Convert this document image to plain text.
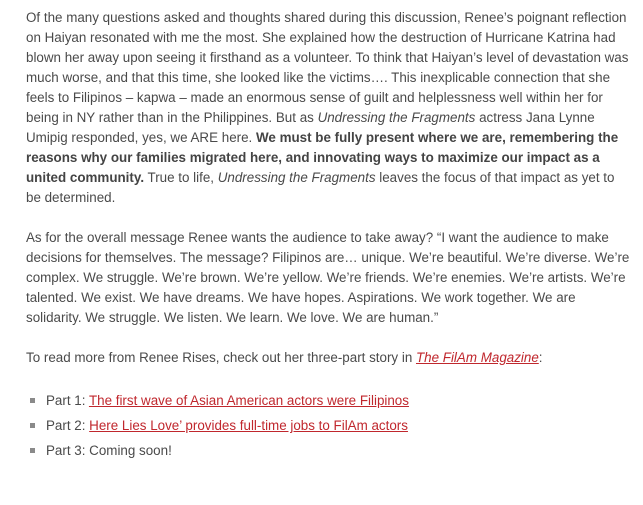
Of the many questions asked and thoughts shared during this discussion, Renee’s poignant reflection on Haiyan resonated with me the most. She explained how the destruction of Hurricane Katrina had blown her away upon seeing it firsthand as a volunteer. To think that Haiyan’s level of devastation was much worse, and that this time, she looked like the victims…. This inexplicable connection that she feels to Filipinos – kapwa – made an enormous sense of guilt and helplessness well within her for being in NY rather than in the Philippines. But as Undressing the Fragments actress Jana Lynne Umipig responded, yes, we ARE here. We must be fully present where we are, remembering the reasons why our families migrated here, and innovating ways to maximize our impact as a united community. True to life, Undressing the Fragments leaves the focus of that impact as yet to be determined.

As for the overall message Renee wants the audience to take away? “I want the audience to make decisions for themselves. The message? Filipinos are… unique. We’re beautiful. We’re diverse. We’re complex. We struggle. We’re brown. We’re yellow. We’re friends. We’re enemies. We’re artists. We’re talented. We exist. We have dreams. We have hopes. Aspirations. We work together. We are solidarity. We struggle. We listen. We learn. We love. We are human.”

To read more from Renee Rises, check out her three-part story in The FilAm Magazine:

Part 1: The first wave of Asian American actors were Filipinos
Part 2: Here Lies Love’ provides full-time jobs to FilAm actors
Part 3: Coming soon!
